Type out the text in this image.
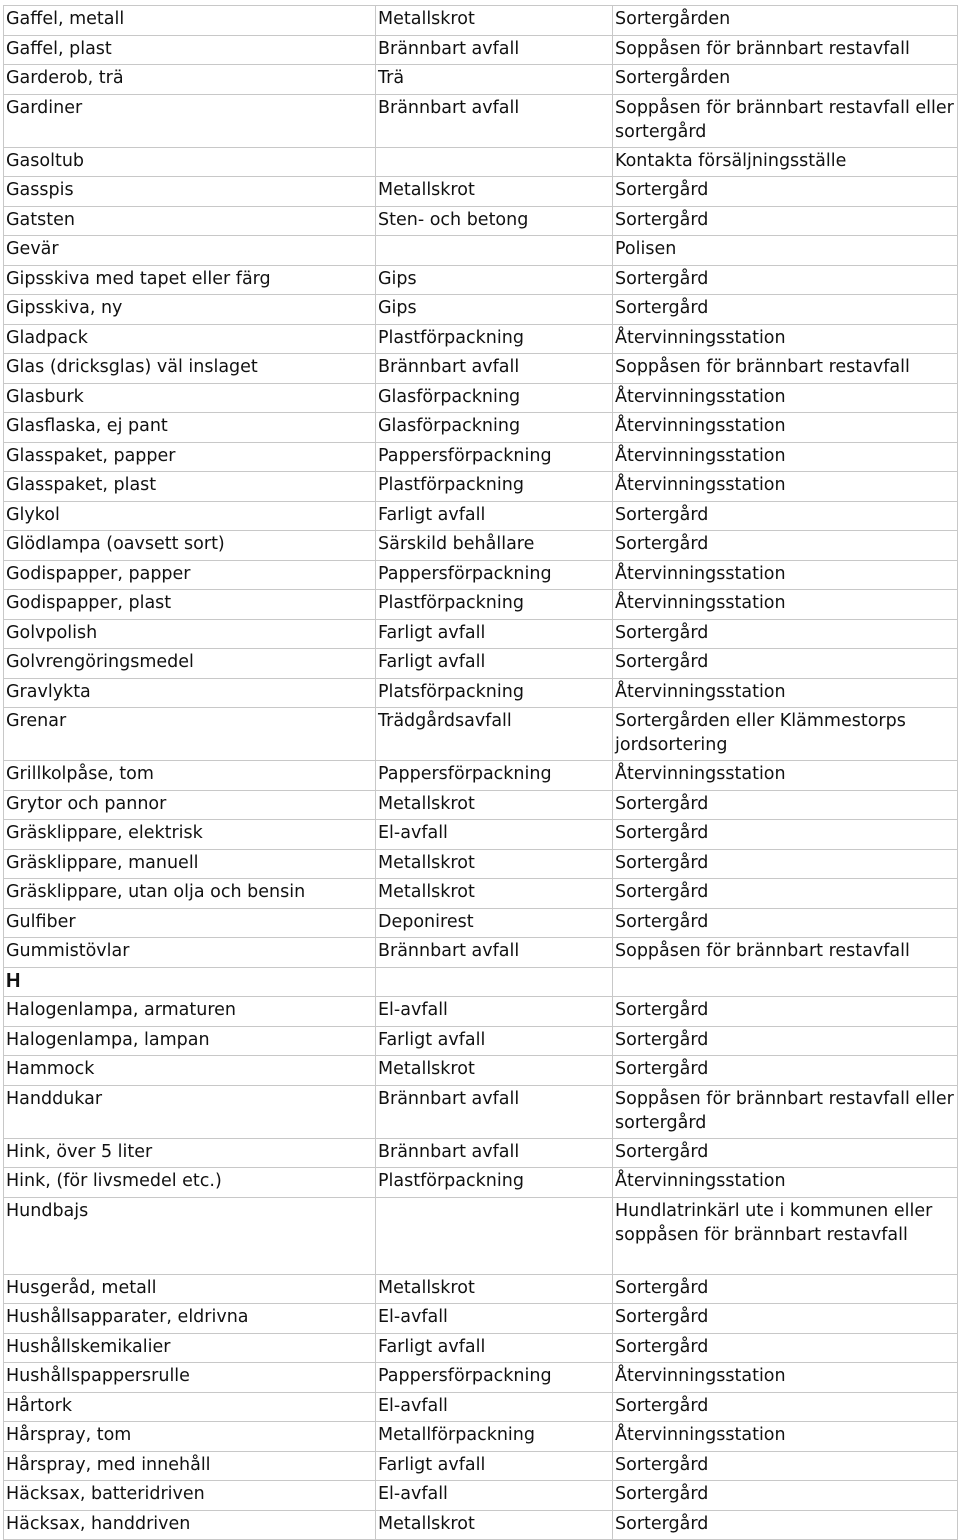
Gaffel, metall	Metallskrot	Sortergården
Gaffel, plast	Brännbart avfall	Soppåsen för brännbart restavfall
Garderob, trä	Trä	Sortergården
Gardiner	Brännbart avfall	Soppåsen för brännbart restavfall eller sortergård
Gasoltub		Kontakta försäljningsställe
Gasspis	Metallskrot	Sortergård
Gatsten	Sten- och betong	Sortergård
Gevär		Polisen
Gipsskiva med tapet eller färg	Gips	Sortergård
Gipsskiva, ny	Gips	Sortergård
Gladpack	Plastförpackning	Återvinningsstation
Glas (dricksglas) väl inslaget	Brännbart avfall	Soppåsen för brännbart restavfall
Glasburk	Glasförpackning	Återvinningsstation
Glasflaska, ej pant	Glasförpackning	Återvinningsstation
Glasspaket, papper	Pappersförpackning	Återvinningsstation
Glasspaket, plast	Plastförpackning	Återvinningsstation
Glykol	Farligt avfall	Sortergård
Glödlampa (oavsett sort)	Särskild behållare	Sortergård
Godispapper, papper	Pappersförpackning	Återvinningsstation
Godispapper, plast	Plastförpackning	Återvinningsstation
Golvpolish	Farligt avfall	Sortergård
Golvrengöringsmedel	Farligt avfall	Sortergård
Gravlykta	Platsförpackning	Återvinningsstation
Grenar	Trädgårdsavfall	Sortergården eller Klämmestorps jordsortering
Grillkolpåse, tom	Pappersförpackning	Återvinningsstation
Grytor och pannor	Metallskrot	Sortergård
Gräsklippare, elektrisk	El-avfall	Sortergård
Gräsklippare, manuell	Metallskrot	Sortergård
Gräsklippare, utan olja och bensin	Metallskrot	Sortergård
Gulfiber	Deponirest	Sortergård
Gummistövlar	Brännbart avfall	Soppåsen för brännbart restavfall
H		
Halogenlampa, armaturen	El-avfall	Sortergård
Halogenlampa, lampan	Farligt avfall	Sortergård
Hammock	Metallskrot	Sortergård
Handdukar	Brännbart avfall	Soppåsen för brännbart restavfall eller sortergård
Hink, över 5 liter	Brännbart avfall	Sortergård
Hink, (för livsmedel etc.)	Plastförpackning	Återvinningsstation
Hundbajs		Hundlatrinkärl ute i kommunen eller soppåsen för brännbart restavfall
Husgeråd, metall	Metallskrot	Sortergård
Hushållsapparater, eldrivna	El-avfall	Sortergård
Hushållskemikalier	Farligt avfall	Sortergård
Hushållspappersrulle	Pappersförpackning	Återvinningsstation
Hårtork	El-avfall	Sortergård
Hårspray, tom	Metallförpackning	Återvinningsstation
Hårspray, med innehåll	Farligt avfall	Sortergård
Häcksax, batteridriven	El-avfall	Sortergård
Häcksax, handdriven	Metallskrot	Sortergård
